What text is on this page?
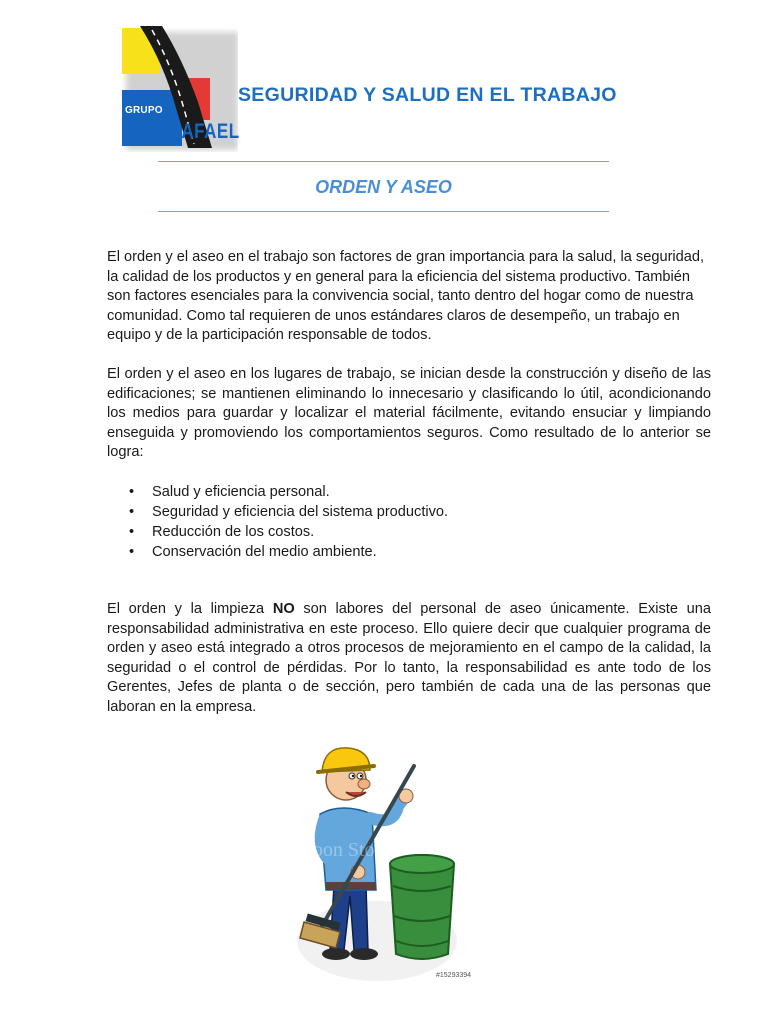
GRUPO
SAN RAFAEL
SEGURIDAD Y SALUD EN EL TRABAJO
ORDEN Y ASEO

El orden y el aseo en el trabajo son factores de gran importancia para la salud, la seguridad, la calidad de los productos y en general para la eficiencia del sistema productivo. También son factores esenciales para la convivencia social, tanto dentro del hogar como de nuestra comunidad. Como tal requieren de unos estándares claros de desempeño, un trabajo en equipo y de la participación responsable de todos.

El orden y el aseo en los lugares de trabajo, se inician desde la construcción y diseño de las edificaciones; se mantienen eliminando lo innecesario y clasificando lo útil, acondicionando los medios para guardar y localizar el material fácilmente, evitando ensuciar y limpiando enseguida y promoviendo los comportamientos seguros. Como resultado de lo anterior se logra:

• Salud y eficiencia personal.
• Seguridad y eficiencia del sistema productivo.
• Reducción de los costos.
• Conservación del medio ambiente.

El orden y la limpieza NO son labores del personal de aseo únicamente. Existe una responsabilidad administrativa en este proceso. Ello quiere decir que cualquier programa de orden y aseo está integrado a otros procesos de mejoramiento en el campo de la calidad, la seguridad o el control de pérdidas. Por lo tanto, la responsabilidad es ante todo de los Gerentes, Jefes de planta o de sección, pero también de cada una de las personas que laboran en la empresa.

Toon Stock
#15293394
